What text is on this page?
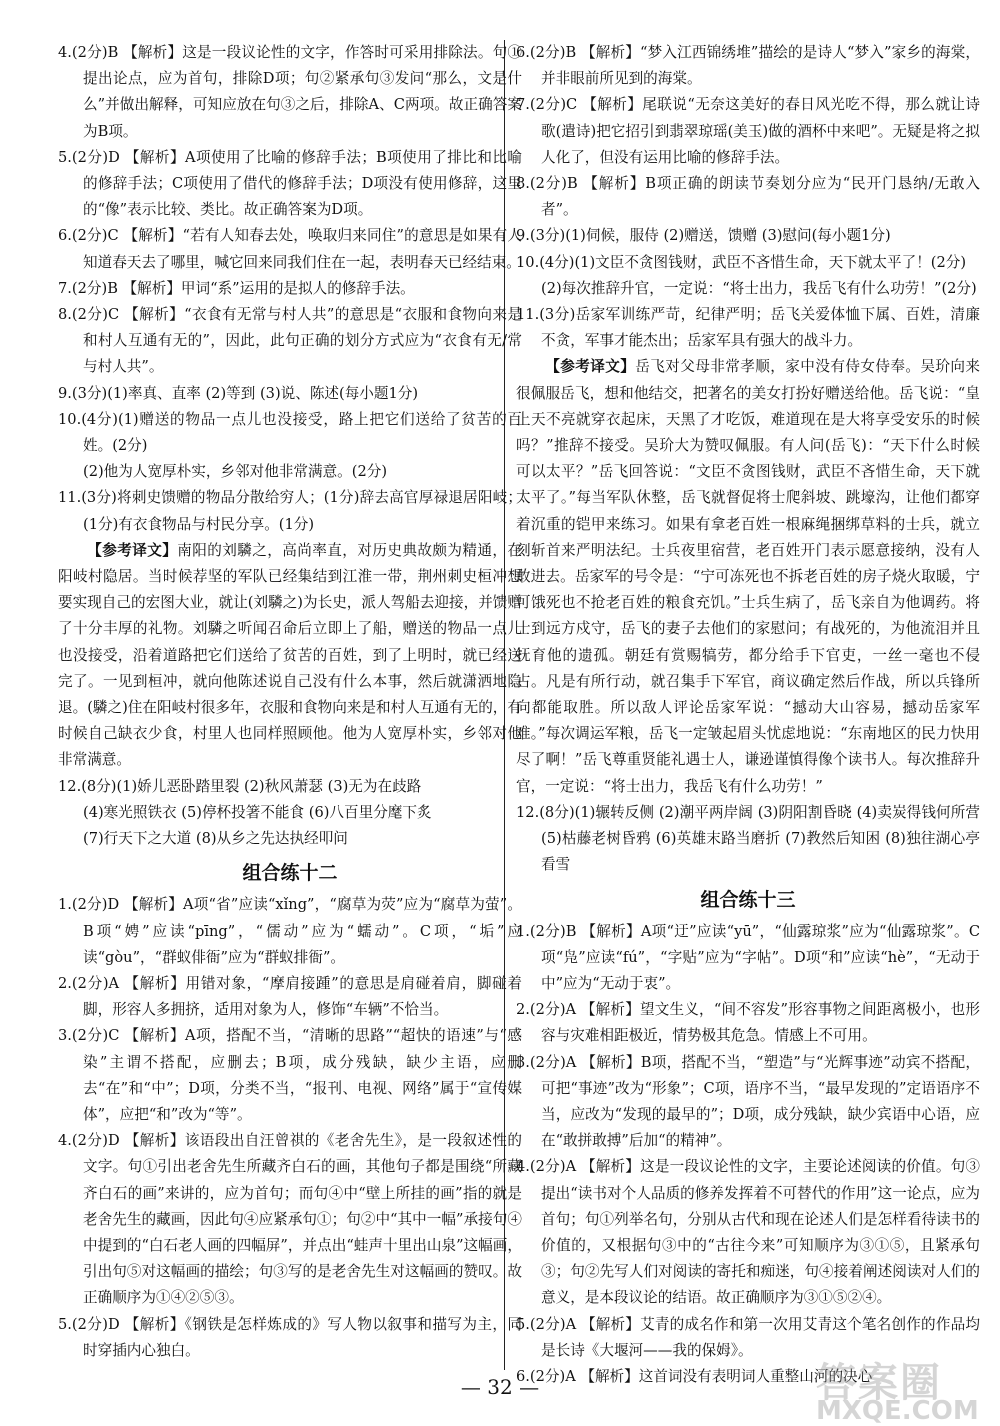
4.(2分)B 【解析】这是一段议论性的文字，作答时可采用排除法。句①提出论点，应为首句，排除D项；句②紧承句③发问“那么，文是什么”并做出解释，可知应放在句③之后，排除A、C两项。故正确答案为B项。

5.(2分)D 【解析】A项使用了比喻的修辞手法；B项使用了排比和比喻的修辞手法；C项使用了借代的修辞手法；D项没有使用修辞，这里的“像”表示比较、类比。故正确答案为D项。

6.(2分)C 【解析】“若有人知春去处，唤取归来同住”的意思是如果有人知道春天去了哪里，喊它回来同我们住在一起，表明春天已经结束。

7.(2分)B 【解析】甲词“系”运用的是拟人的修辞手法。

8.(2分)C 【解析】“衣食有无常与村人共”的意思是“衣服和食物向来是和村人互通有无的”，因此，此句正确的划分方式应为“衣食有无/常与村人共”。

9.(3分)(1)率真、直率 (2)等到 (3)说、陈述(每小题1分)

10.(4分)(1)赠送的物品一点儿也没接受，路上把它们送给了贫苦的百姓。(2分)

(2)他为人宽厚朴实，乡邻对他非常满意。(2分)

11.(3分)将刺史馈赠的物品分散给穷人；(1分)辞去高官厚禄退居阳岐；(1分)有衣食物品与村民分享。(1分)

【参考译文】南阳的刘驎之，高尚率直，对历史典故颇为精通，在阳岐村隐居。当时候荐坚的军队已经集结到江淮一带，荆州刺史桓冲想要实现自己的宏图大业，就让(刘驎之)为长史，派人驾船去迎接，并馈赠了十分丰厚的礼物。刘驎之听闻召命后立即上了船，赠送的物品一点儿也没接受，沿着道路把它们送给了贫苦的百姓，到了上明时，就已经送完了。一见到桓冲，就向他陈述说自己没有什么本事，然后就潇洒地隐退。(驎之)住在阳岐村很多年，衣服和食物向来是和村人互通有无的，有时候自己缺衣少食，村里人也同样照顾他。他为人宽厚朴实，乡邻对他非常满意。

12.(8分)(1)娇儿恶卧踏里裂 (2)秋风萧瑟 (3)无为在歧路

(4)寒光照铁衣 (5)停杯投箸不能食 (6)八百里分麾下炙

(7)行天下之大道 (8)从乡之先达执经叩问

组合练十二

1.(2分)D 【解析】A项“省”应读“xǐng”，“腐草为荧”应为“腐草为萤”。B项“娉”应读“pīng”，“儒动”应为“蠕动”。C项，“垢”应读“gòu”，“群蚁俳衙”应为“群蚁排衙”。

2.(2分)A 【解析】用错对象，“摩肩接踵”的意思是肩碰着肩，脚碰着脚，形容人多拥挤，适用对象为人，修饰“车辆”不恰当。

3.(2分)C 【解析】A项，搭配不当，“清晰的思路”“超快的语速”与“感染”主谓不搭配，应删去；B项，成分残缺，缺少主语，应删去“在”和“中”；D项，分类不当，“报刊、电视、网络”属于“宣传媒体”，应把“和”改为“等”。

4.(2分)D 【解析】该语段出自汪曾祺的《老舍先生》，是一段叙述性的文字。句①引出老舍先生所藏齐白石的画，其他句子都是围绕“所藏齐白石的画”来讲的，应为首句；而句④中“壁上所挂的画”指的就是老舍先生的藏画，因此句④应紧承句①；句②中“其中一幅”承接句④中提到的“白石老人画的四幅屏”，并点出“蛙声十里出山泉”这幅画，引出句⑤对这幅画的描绘；句③写的是老舍先生对这幅画的赞叹。故正确顺序为①④②⑤③。

5.(2分)D 【解析】《钢铁是怎样炼成的》写人物以叙事和描写为主，同时穿插内心独白。

6.(2分)B 【解析】“梦入江西锦绣堆”描绘的是诗人“梦入”家乡的海棠，并非眼前所见到的海棠。

7.(2分)C 【解析】尾联说“无奈这美好的春日风光吃不得，那么就让诗歌(遣诗)把它招引到翡翠琼瑶(美玉)做的酒杯中来吧”。无疑是将之拟人化了，但没有运用比喻的修辞手法。

8.(2分)B 【解析】B项正确的朗读节奏划分应为“民开门恳纳/无敢入者”。

9.(3分)(1)伺候，服侍 (2)赠送，馈赠 (3)慰问(每小题1分)

10.(4分)(1)文臣不贪图钱财，武臣不吝惜生命，天下就太平了！(2分)

(2)每次推辞升官，一定说：“将士出力，我岳飞有什么功劳！”(2分)

11.(3分)岳家军训练严苛，纪律严明；岳飞关爱体恤下属、百姓，清廉不贪，军事才能杰出；岳家军具有强大的战斗力。

【参考译文】岳飞对父母非常孝顺，家中没有侍女侍奉。吴玠向来很佩服岳飞，想和他结交，把著名的美女打扮好赠送给他。岳飞说：“皇上天不亮就穿衣起床，天黑了才吃饭，难道现在是大将享受安乐的时候吗？”推辞不接受。吴玠大为赞叹佩服。有人问(岳飞)：“天下什么时候可以太平？”岳飞回答说：“文臣不贪图钱财，武臣不吝惜生命，天下就太平了。”每当军队休整，岳飞就督促将士爬斜坡、跳壕沟，让他们都穿着沉重的铠甲来练习。如果有拿老百姓一根麻绳捆绑草料的士兵，就立刻斩首来严明法纪。士兵夜里宿营，老百姓开门表示愿意接纳，没有人敢进去。岳家军的号令是：“宁可冻死也不拆老百姓的房子烧火取暖，宁可饿死也不抢老百姓的粮食充饥。”士兵生病了，岳飞亲自为他调药。将士到远方戍守，岳飞的妻子去他们的家慰问；有战死的，为他流泪并且抚育他的遗孤。朝廷有赏赐犒劳，都分给手下官吏，一丝一毫也不侵占。凡是有所行动，就召集手下军官，商议确定然后作战，所以兵锋所向都能取胜。所以敌人评论岳家军说：“撼动大山容易，撼动岳家军难。”每次调运军粮，岳飞一定皱起眉头忧虑地说：“东南地区的民力快用尽了啊！”岳飞尊重贤能礼遇士人，谦逊谨慎得像个读书人。每次推辞升官，一定说：“将士出力，我岳飞有什么功劳！”

12.(8分)(1)辗转反侧 (2)潮平两岸阔 (3)阴阳割昏晓 (4)卖炭得钱何所营 (5)枯藤老树昏鸦 (6)英雄末路当磨折 (7)教然后知困 (8)独往湖心亭看雪

组合练十三

1.(2分)B 【解析】A项“迂”应读“yū”，“仙露琼浆”应为“仙露琼浆”。C项“凫”应读“fú”，“字贴”应为“字帖”。D项“和”应读“hè”，“无动于中”应为“无动于衷”。

2.(2分)A 【解析】望文生义，“间不容发”形容事物之间距离极小，也形容与灾难相距极近，情势极其危急。情感上不可用。

3.(2分)A 【解析】B项，搭配不当，“塑造”与“光辉事迹”动宾不搭配，可把“事迹”改为“形象”；C项，语序不当，“最早发现的”定语语序不当，应改为“发现的最早的”；D项，成分残缺，缺少宾语中心语，应在“敢拼敢搏”后加“的精神”。

4.(2分)A 【解析】这是一段议论性的文字，主要论述阅读的价值。句③提出“读书对个人品质的修养发挥着不可替代的作用”这一论点，应为首句；句①列举名句，分别从古代和现在论述人们是怎样看待读书的价值的，又根据句③中的“古往今来”可知顺序为③①⑤，且紧承句③；句②先写人们对阅读的寄托和痴迷，句④接着阐述阅读对人们的意义，是本段议论的结语。故正确顺序为③①⑤②④。

5.(2分)A 【解析】艾青的成名作和第一次用艾青这个笔名创作的作品均是长诗《大堰河——我的保姆》。

6.(2分)A 【解析】这首词没有表明词人重整山河的决心

— 32 —	答案圈
MXQE.COM
